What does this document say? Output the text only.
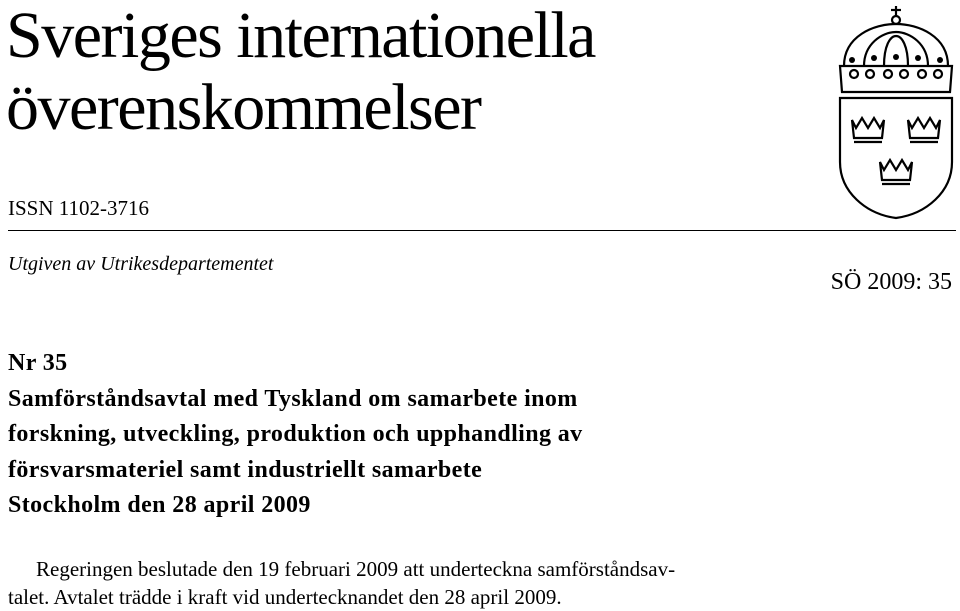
Sveriges internationella
överenskommelser
ISSN 1102-3716
Utgiven av Utrikesdepartementet
SÖ 2009: 35
Nr 35
Samförståndsavtal med Tyskland om samarbete inom
forskning, utveckling, produktion och upphandling av
försvarsmateriel samt industriellt samarbete
Stockholm den 28 april 2009
Regeringen beslutade den 19 februari 2009 att underteckna samförståndsav-
talet. Avtalet trädde i kraft vid undertecknandet den 28 april 2009.
